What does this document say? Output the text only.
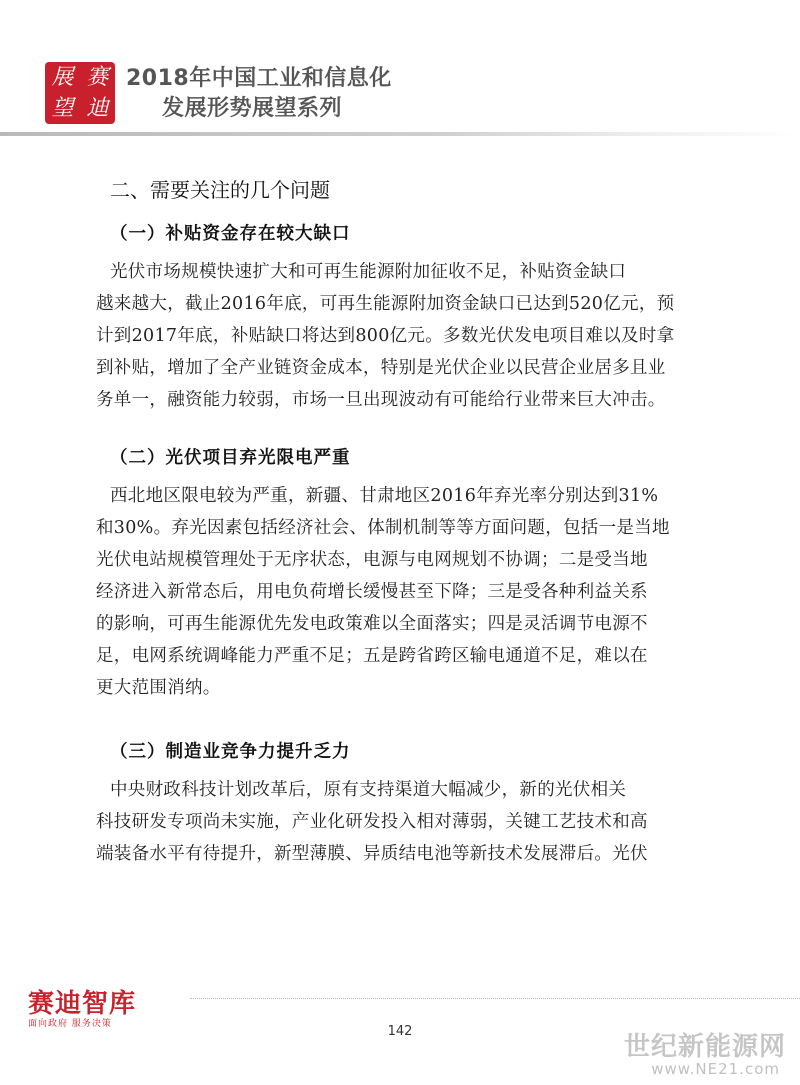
展 赛
望 迪
2018年中国工业和信息化
发展形势展望系列
二、需要关注的几个问题
（一）补贴资金存在较大缺口
光伏市场规模快速扩大和可再生能源附加征收不足，补贴资金缺口
越来越大，截止2016年底，可再生能源附加资金缺口已达到520亿元，预
计到2017年底，补贴缺口将达到800亿元。多数光伏发电项目难以及时拿
到补贴，增加了全产业链资金成本，特别是光伏企业以民营企业居多且业
务单一，融资能力较弱，市场一旦出现波动有可能给行业带来巨大冲击。
（二）光伏项目弃光限电严重
西北地区限电较为严重，新疆、甘肃地区2016年弃光率分别达到31%
和30%。弃光因素包括经济社会、体制机制等等方面问题，包括一是当地
光伏电站规模管理处于无序状态，电源与电网规划不协调；二是受当地
经济进入新常态后，用电负荷增长缓慢甚至下降；三是受各种利益关系
的影响，可再生能源优先发电政策难以全面落实；四是灵活调节电源不
足，电网系统调峰能力严重不足；五是跨省跨区输电通道不足，难以在
更大范围消纳。
（三）制造业竞争力提升乏力
中央财政科技计划改革后，原有支持渠道大幅减少，新的光伏相关
科技研发专项尚未实施，产业化研发投入相对薄弱，关键工艺技术和高
端装备水平有待提升，新型薄膜、异质结电池等新技术发展滞后。光伏
赛迪智库
面向政府 服务决策	142
世纪新能源网
www.NE21.com
